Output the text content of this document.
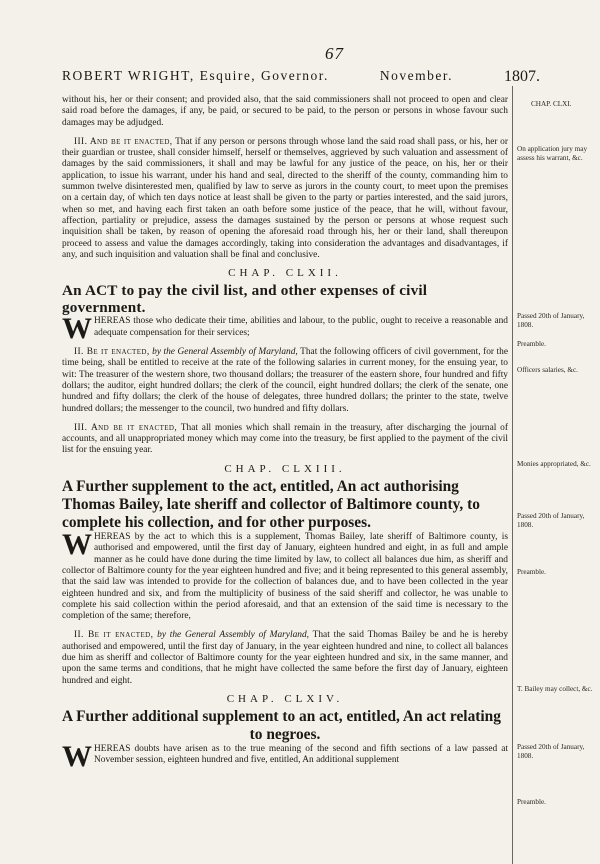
67
ROBERT WRIGHT, Esquire, Governor.	November.	1807.

without his, her or their consent; and provided also, that the said commissioners shall not proceed to open and clear said road before the damages, if any, be paid, or secured to be paid, to the person or persons in whose favour such damages may be adjudged.

III. And be it enacted, That if any person or persons through whose land the said road shall pass, or his, her or their guardian or trustee, shall consider himself, herself or themselves, aggrieved by such valuation and assessment of damages by the said commissioners, it shall and may be lawful for any justice of the peace, on his, her or their application, to issue his warrant, under his hand and seal, directed to the sheriff of the county, commanding him to summon twelve disinterested men, qualified by law to serve as jurors in the county court, to meet upon the premises on a certain day, of which ten days notice at least shall be given to the party or parties interested, and the said jurors, when so met, and having each first taken an oath before some justice of the peace, that he will, without favour, affection, partiality or prejudice, assess the damages sustained by the person or persons at whose request such inquisition shall be taken, by reason of opening the aforesaid road through his, her or their land, shall thereupon proceed to assess and value the damages accordingly, taking into consideration the advantages and disadvantages, if any, and such inquisition and valuation shall be final and conclusive.

CHAP. CLXII.

An ACT to pay the civil list, and other expenses of civil government.

WHEREAS those who dedicate their time, abilities and labour, to the public, ought to receive a reasonable and adequate compensation for their services;

II. Be it enacted, by the General Assembly of Maryland, That the following officers of civil government, for the time being, shall be entitled to receive at the rate of the following salaries in current money, for the ensuing year, to wit: The treasurer of the western shore, two thousand dollars; the treasurer of the eastern shore, four hundred and fifty dollars; the auditor, eight hundred dollars; the clerk of the council, eight hundred dollars; the clerk of the senate, one hundred and fifty dollars; the clerk of the house of delegates, three hundred dollars; the printer to the state, twelve hundred dollars; the messenger to the council, two hundred and fifty dollars.

III. And be it enacted, That all monies which shall remain in the treasury, after discharging the journal of accounts, and all unappropriated money which may come into the treasury, be first applied to the payment of the civil list for the ensuing year.

CHAP. CLXIII.

A Further supplement to the act, entitled, An act authorising Thomas Bailey, late sheriff and collector of Baltimore county, to complete his collection, and for other purposes.

WHEREAS by the act to which this is a supplement, Thomas Bailey, late sheriff of Baltimore county, is authorised and empowered, until the first day of January, eighteen hundred and eight, in as full and ample manner as he could have done during the time limited by law, to collect all balances due him, as sheriff and collector of Baltimore county for the year eighteen hundred and five; and it being represented to this general assembly, that the said law was intended to provide for the collection of balances due, and to have been collected in the year eighteen hundred and six, and from the multiplicity of business of the said sheriff and collector, he was unable to complete his said collection within the period aforesaid, and that an extension of the said time is necessary to the completion of the same; therefore,

II. Be it enacted, by the General Assembly of Maryland, That the said Thomas Bailey be and he is hereby authorised and empowered, until the first day of January, in the year eighteen hundred and nine, to collect all balances due him as sheriff and collector of Baltimore county for the year eighteen hundred and six, in the same manner, and upon the same terms and conditions, that he might have collected the same before the first day of January, eighteen hundred and eight.

CHAP. CLXIV.

A Further additional supplement to an act, entitled, An act relating
to negroes.

WHEREAS doubts have arisen as to the true meaning of the second and fifth sections of a law passed at November session, eighteen hundred and five, entitled, An additional supplement

CHAP. CLXI.
On application jury may assess his warrant, &c.
Passed 20th of January, 1808.
Preamble.
Officers salaries, &c.
Monies appropriated, &c.
Passed 20th of January, 1808.
Preamble.
T. Bailey may collect, &c.
Passed 20th of January, 1808.
Preamble.
